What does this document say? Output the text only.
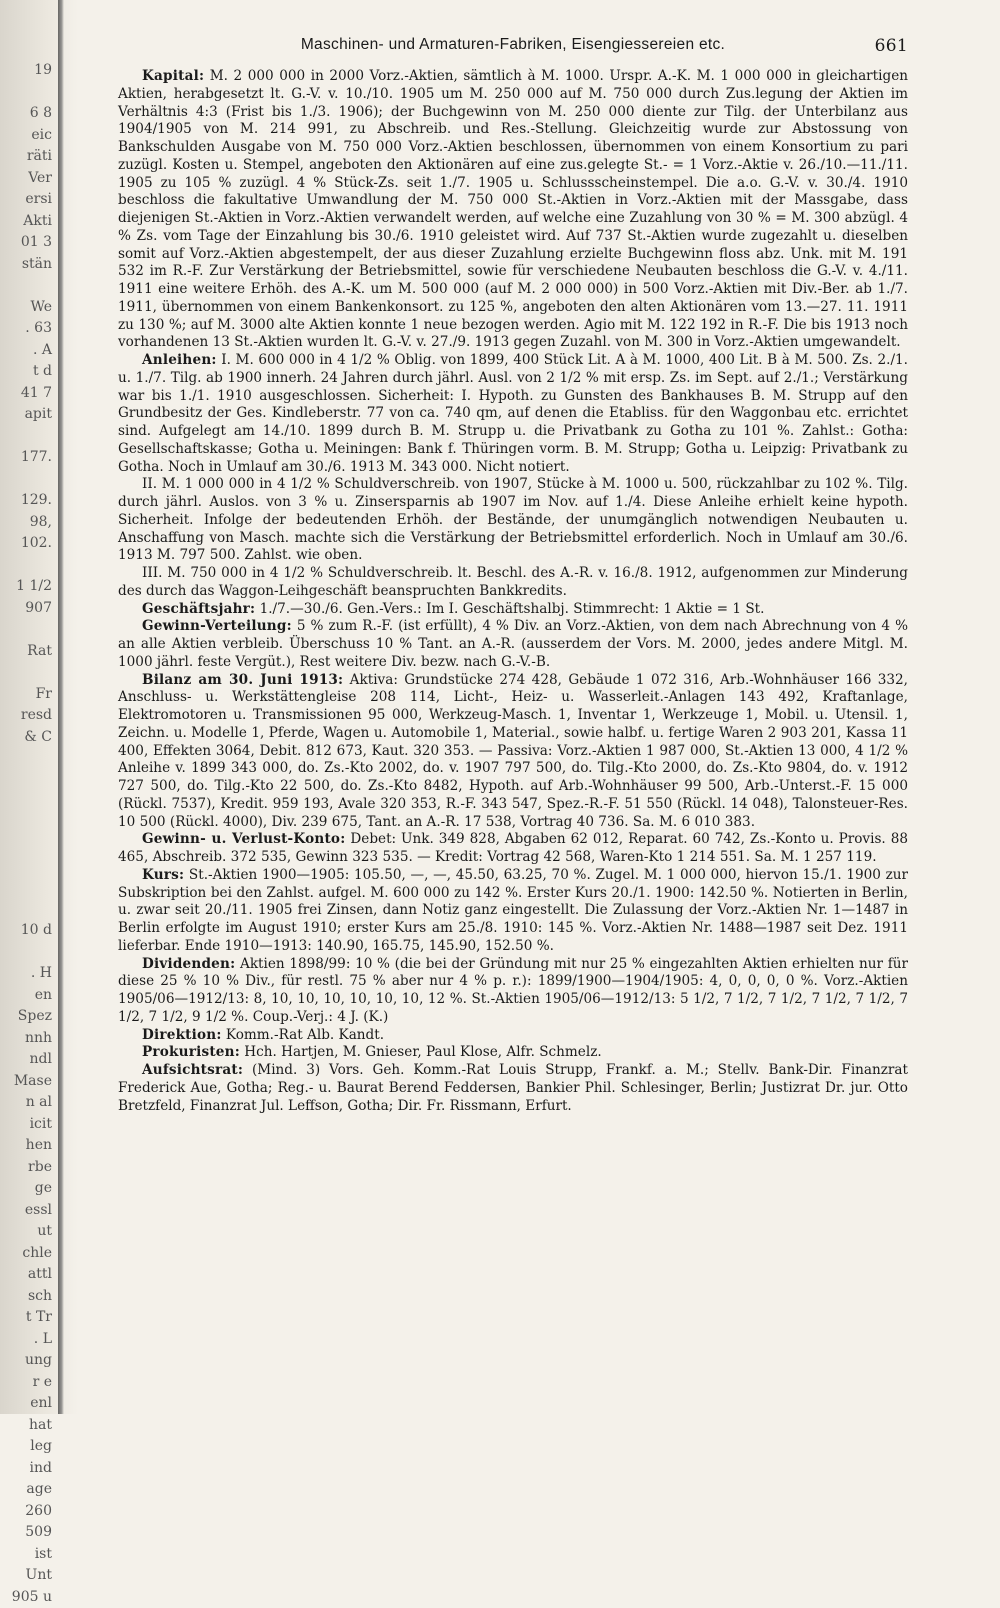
19
6 8
eic
räti
Ver
ersi
Akti
01 3
stän
We
. 63
. A
t d
41 7
apit
177.
129.
98,
102.
1 1/2
907
Rat
Fr
resd
& C
10 d
. H
en
Spez
nnh
ndl
Mase
n al
icit
hen
rbe
ge
essl
ut
chle
attl
sch
t Tr
. L
ung
r e
enl
hat
leg
ind
age
260
509
ist
Unt
905 u
Maschinen- und Armaturen-Fabriken, Eisengiessereien etc.	661

Kapital: M. 2 000 000 in 2000 Vorz.-Aktien, sämtlich à M. 1000. Urspr. A.-K. M. 1 000 000 in gleichartigen Aktien, herabgesetzt lt. G.-V. v. 10./10. 1905 um M. 250 000 auf M. 750 000 durch Zus.legung der Aktien im Verhältnis 4:3 (Frist bis 1./3. 1906); der Buchgewinn von M. 250 000 diente zur Tilg. der Unterbilanz aus 1904/1905 von M. 214 991, zu Abschreib. und Res.-Stellung. Gleichzeitig wurde zur Abstossung von Bankschulden Ausgabe von M. 750 000 Vorz.-Aktien beschlossen, übernommen von einem Konsortium zu pari zuzügl. Kosten u. Stempel, angeboten den Aktionären auf eine zus.gelegte St.- = 1 Vorz.-Aktie v. 26./10.—11./11. 1905 zu 105 % zuzügl. 4 % Stück-Zs. seit 1./7. 1905 u. Schlussscheinstempel. Die a.o. G.-V. v. 30./4. 1910 beschloss die fakultative Umwandlung der M. 750 000 St.-Aktien in Vorz.-Aktien mit der Massgabe, dass diejenigen St.-Aktien in Vorz.-Aktien verwandelt werden, auf welche eine Zuzahlung von 30 % = M. 300 abzügl. 4 % Zs. vom Tage der Einzahlung bis 30./6. 1910 geleistet wird. Auf 737 St.-Aktien wurde zugezahlt u. dieselben somit auf Vorz.-Aktien abgestempelt, der aus dieser Zuzahlung erzielte Buchgewinn floss abz. Unk. mit M. 191 532 im R.-F. Zur Verstärkung der Betriebsmittel, sowie für verschiedene Neubauten beschloss die G.-V. v. 4./11. 1911 eine weitere Erhöh. des A.-K. um M. 500 000 (auf M. 2 000 000) in 500 Vorz.-Aktien mit Div.-Ber. ab 1./7. 1911, übernommen von einem Bankenkonsort. zu 125 %, angeboten den alten Aktionären vom 13.—27. 11. 1911 zu 130 %; auf M. 3000 alte Aktien konnte 1 neue bezogen werden. Agio mit M. 122 192 in R.-F. Die bis 1913 noch vorhandenen 13 St.-Aktien wurden lt. G.-V. v. 27./9. 1913 gegen Zuzahl. von M. 300 in Vorz.-Aktien umgewandelt.

Anleihen: I. M. 600 000 in 4 1/2 % Oblig. von 1899, 400 Stück Lit. A à M. 1000, 400 Lit. B à M. 500. Zs. 2./1. u. 1./7. Tilg. ab 1900 innerh. 24 Jahren durch jährl. Ausl. von 2 1/2 % mit ersp. Zs. im Sept. auf 2./1.; Verstärkung war bis 1./1. 1910 ausgeschlossen. Sicherheit: I. Hypoth. zu Gunsten des Bankhauses B. M. Strupp auf den Grundbesitz der Ges. Kindleberstr. 77 von ca. 740 qm, auf denen die Etabliss. für den Waggonbau etc. errichtet sind. Aufgelegt am 14./10. 1899 durch B. M. Strupp u. die Privatbank zu Gotha zu 101 %. Zahlst.: Gotha: Gesellschaftskasse; Gotha u. Meiningen: Bank f. Thüringen vorm. B. M. Strupp; Gotha u. Leipzig: Privatbank zu Gotha. Noch in Umlauf am 30./6. 1913 M. 343 000. Nicht notiert.

II. M. 1 000 000 in 4 1/2 % Schuldverschreib. von 1907, Stücke à M. 1000 u. 500, rückzahlbar zu 102 %. Tilg. durch jährl. Auslos. von 3 % u. Zinsersparnis ab 1907 im Nov. auf 1./4. Diese Anleihe erhielt keine hypoth. Sicherheit. Infolge der bedeutenden Erhöh. der Bestände, der unumgänglich notwendigen Neubauten u. Anschaffung von Masch. machte sich die Verstärkung der Betriebsmittel erforderlich. Noch in Umlauf am 30./6. 1913 M. 797 500. Zahlst. wie oben.

III. M. 750 000 in 4 1/2 % Schuldverschreib. lt. Beschl. des A.-R. v. 16./8. 1912, aufgenommen zur Minderung des durch das Waggon-Leihgeschäft beanspruchten Bankkredits.

Geschäftsjahr: 1./7.—30./6. Gen.-Vers.: Im I. Geschäftshalbj. Stimmrecht: 1 Aktie = 1 St.

Gewinn-Verteilung: 5 % zum R.-F. (ist erfüllt), 4 % Div. an Vorz.-Aktien, von dem nach Abrechnung von 4 % an alle Aktien verbleib. Überschuss 10 % Tant. an A.-R. (ausserdem der Vors. M. 2000, jedes andere Mitgl. M. 1000 jährl. feste Vergüt.), Rest weitere Div. bezw. nach G.-V.-B.

Bilanz am 30. Juni 1913: Aktiva: Grundstücke 274 428, Gebäude 1 072 316, Arb.-Wohnhäuser 166 332, Anschluss- u. Werkstättengleise 208 114, Licht-, Heiz- u. Wasserleit.-Anlagen 143 492, Kraftanlage, Elektromotoren u. Transmissionen 95 000, Werkzeug-Masch. 1, Inventar 1, Werkzeuge 1, Mobil. u. Utensil. 1, Zeichn. u. Modelle 1, Pferde, Wagen u. Automobile 1, Material., sowie halbf. u. fertige Waren 2 903 201, Kassa 11 400, Effekten 3064, Debit. 812 673, Kaut. 320 353. — Passiva: Vorz.-Aktien 1 987 000, St.-Aktien 13 000, 4 1/2 % Anleihe v. 1899 343 000, do. Zs.-Kto 2002, do. v. 1907 797 500, do. Tilg.-Kto 2000, do. Zs.-Kto 9804, do. v. 1912 727 500, do. Tilg.-Kto 22 500, do. Zs.-Kto 8482, Hypoth. auf Arb.-Wohnhäuser 99 500, Arb.-Unterst.-F. 15 000 (Rückl. 7537), Kredit. 959 193, Avale 320 353, R.-F. 343 547, Spez.-R.-F. 51 550 (Rückl. 14 048), Talonsteuer-Res. 10 500 (Rückl. 4000), Div. 239 675, Tant. an A.-R. 17 538, Vortrag 40 736. Sa. M. 6 010 383.

Gewinn- u. Verlust-Konto: Debet: Unk. 349 828, Abgaben 62 012, Reparat. 60 742, Zs.-Konto u. Provis. 88 465, Abschreib. 372 535, Gewinn 323 535. — Kredit: Vortrag 42 568, Waren-Kto 1 214 551. Sa. M. 1 257 119.

Kurs: St.-Aktien 1900—1905: 105.50, —, —, 45.50, 63.25, 70 %. Zugel. M. 1 000 000, hiervon 15./1. 1900 zur Subskription bei den Zahlst. aufgel. M. 600 000 zu 142 %. Erster Kurs 20./1. 1900: 142.50 %. Notierten in Berlin, u. zwar seit 20./11. 1905 frei Zinsen, dann Notiz ganz eingestellt. Die Zulassung der Vorz.-Aktien Nr. 1—1487 in Berlin erfolgte im August 1910; erster Kurs am 25./8. 1910: 145 %. Vorz.-Aktien Nr. 1488—1987 seit Dez. 1911 lieferbar. Ende 1910—1913: 140.90, 165.75, 145.90, 152.50 %.

Dividenden: Aktien 1898/99: 10 % (die bei der Gründung mit nur 25 % eingezahlten Aktien erhielten nur für diese 25 % 10 % Div., für restl. 75 % aber nur 4 % p. r.): 1899/1900—1904/1905: 4, 0, 0, 0, 0 %. Vorz.-Aktien 1905/06—1912/13: 8, 10, 10, 10, 10, 10, 10, 12 %. St.-Aktien 1905/06—1912/13: 5 1/2, 7 1/2, 7 1/2, 7 1/2, 7 1/2, 7 1/2, 7 1/2, 9 1/2 %. Coup.-Verj.: 4 J. (K.)

Direktion: Komm.-Rat Alb. Kandt.

Prokuristen: Hch. Hartjen, M. Gnieser, Paul Klose, Alfr. Schmelz.

Aufsichtsrat: (Mind. 3) Vors. Geh. Komm.-Rat Louis Strupp, Frankf. a. M.; Stellv. Bank-Dir. Finanzrat Frederick Aue, Gotha; Reg.- u. Baurat Berend Feddersen, Bankier Phil. Schlesinger, Berlin; Justizrat Dr. jur. Otto Bretzfeld, Finanzrat Jul. Leffson, Gotha; Dir. Fr. Rissmann, Erfurt.
